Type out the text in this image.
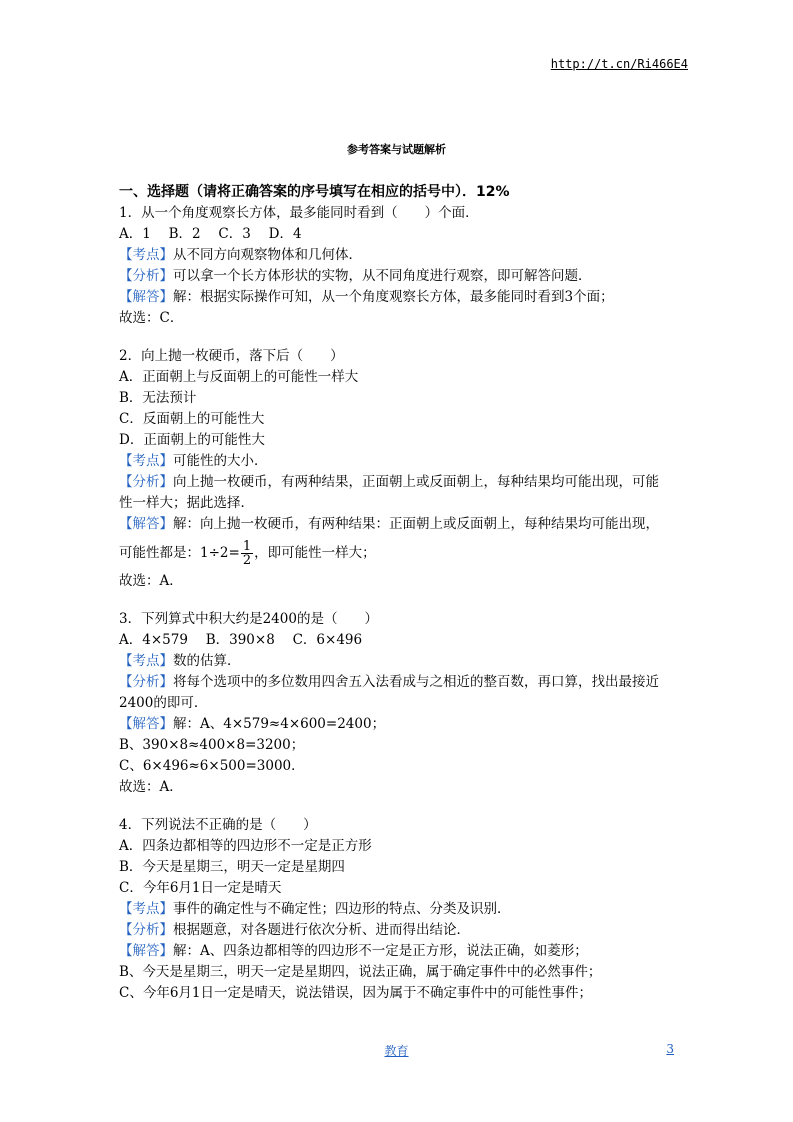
http://t.cn/Ri466E4
参考答案与试题解析
一、选择题（请将正确答案的序号填写在相应的括号中）．12%
1．从一个角度观察长方体，最多能同时看到（　　）个面．
A．1　 B．2　 C．3　 D．4
【考点】从不同方向观察物体和几何体．
【分析】可以拿一个长方体形状的实物，从不同角度进行观察，即可解答问题．
【解答】解：根据实际操作可知，从一个角度观察长方体，最多能同时看到3个面；
故选：C．
2．向上抛一枚硬币，落下后（　　）
A．正面朝上与反面朝上的可能性一样大
B．无法预计
C．反面朝上的可能性大
D．正面朝上的可能性大
【考点】可能性的大小．
【分析】向上抛一枚硬币，有两种结果，正面朝上或反面朝上，每种结果均可能出现，可能
性一样大；据此选择．
【解答】解：向上抛一枚硬币，有两种结果：正面朝上或反面朝上，每种结果均可能出现，
可能性都是：$1\div 2= \frac{1}{2}$ ，即可能性一样大；
故选：A．
3．下列算式中积大约是2400的是（　　）
A．4×579　 B．390×8　 C．6×496
【考点】数的估算．
【分析】将每个选项中的多位数用四舍五入法看成与之相近的整百数，再口算，找出最接近
2400的即可．
【解答】解：A、4×579≈4×600=2400；
B、390×8≈400×8=3200；
C、6×496≈6×500=3000．
故选：A．
4．下列说法不正确的是（　　）
A．四条边都相等的四边形不一定是正方形
B．今天是星期三，明天一定是星期四
C．今年6月1日一定是晴天
【考点】事件的确定性与不确定性；四边形的特点、分类及识别．
【分析】根据题意，对各题进行依次分析、进而得出结论．
【解答】解：A、四条边都相等的四边形不一定是正方形，说法正确，如菱形；
B、今天是星期三，明天一定是星期四，说法正确，属于确定事件中的必然事件；
C、今年6月1日一定是晴天，说法错误，因为属于不确定事件中的可能性事件；
教育	3
